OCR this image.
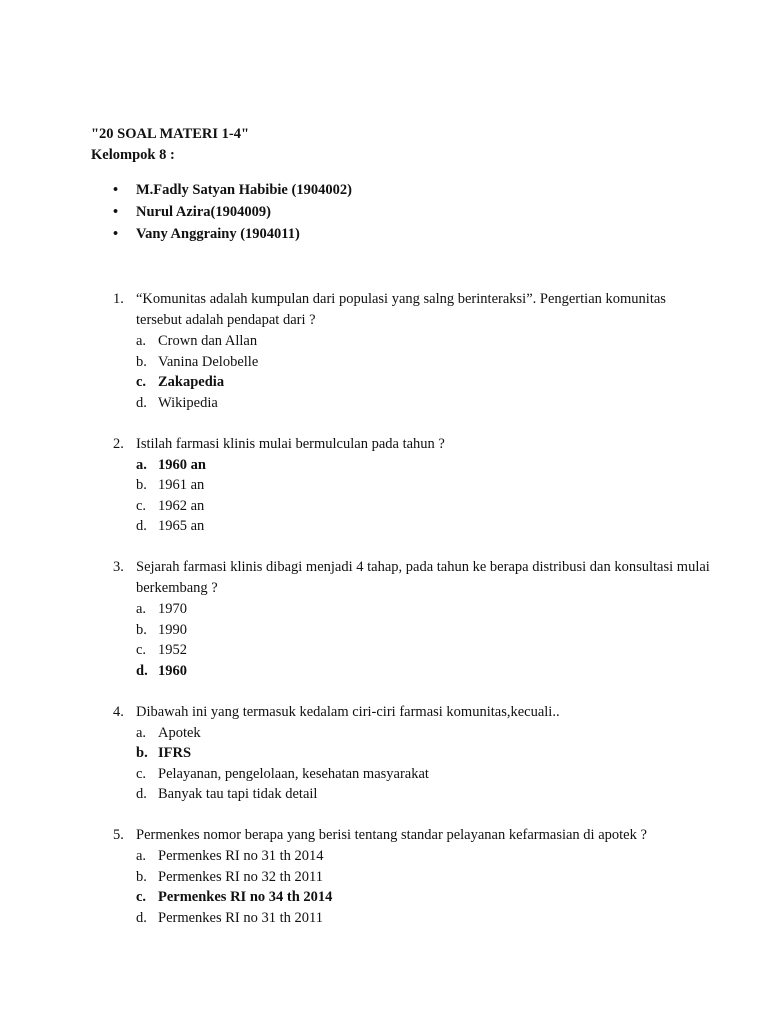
"20 SOAL MATERI 1-4"
Kelompok 8 :
• M.Fadly Satyan Habibie (1904002)
• Nurul Azira(1904009)
• Vany Anggrainy (1904011)
1. “Komunitas adalah kumpulan dari populasi yang salng berinteraksi”. Pengertian komunitas tersebut adalah pendapat dari ?
a. Crown dan Allan
b. Vanina Delobelle
c. Zakapedia
d. Wikipedia
2. Istilah farmasi klinis mulai bermulculan pada tahun ?
a. 1960 an
b. 1961 an
c. 1962 an
d. 1965 an
3. Sejarah farmasi klinis dibagi menjadi 4 tahap, pada tahun ke berapa distribusi dan konsultasi mulai berkembang ?
a. 1970
b. 1990
c. 1952
d. 1960
4. Dibawah ini yang termasuk kedalam ciri-ciri farmasi komunitas,kecuali..
a. Apotek
b. IFRS
c. Pelayanan, pengelolaan, kesehatan masyarakat
d. Banyak tau tapi tidak detail
5. Permenkes nomor berapa yang berisi tentang standar pelayanan kefarmasian di apotek ?
a. Permenkes RI no 31 th 2014
b. Permenkes RI no 32 th 2011
c. Permenkes RI no 34 th 2014
d. Permenkes RI no 31 th 2011
